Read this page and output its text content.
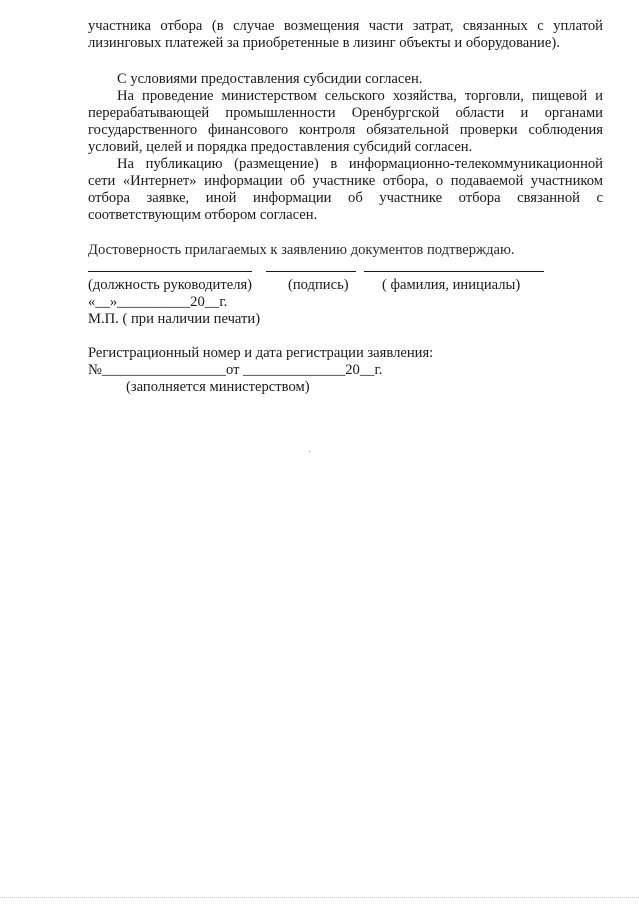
участника отбора (в случае возмещения части затрат, связанных с уплатой
лизинговых платежей за приобретенные в лизинг объекты и оборудование).
С условиями предоставления субсидии согласен.
На проведение министерством сельского хозяйства, торговли, пищевой и
перерабатывающей промышленности Оренбургской области и органами
государственного финансового контроля обязательной проверки соблюдения
условий, целей и порядка предоставления субсидий согласен.
На публикацию (размещение) в информационно-телекоммуникационной
сети «Интернет» информации об участнике отбора, о подаваемой участником
отбора заявке, иной информации об участнике отбора связанной с
соответствующим отбором согласен.
Достоверность прилагаемых к заявлению документов подтверждаю.
(должность руководителя) (подпись) ( фамилия, инициалы)
«__»__________20__г.
М.П. ( при наличии печати)
Регистрационный номер и дата регистрации заявления:
№_________________от ______________20__г.
(заполняется министерством)
